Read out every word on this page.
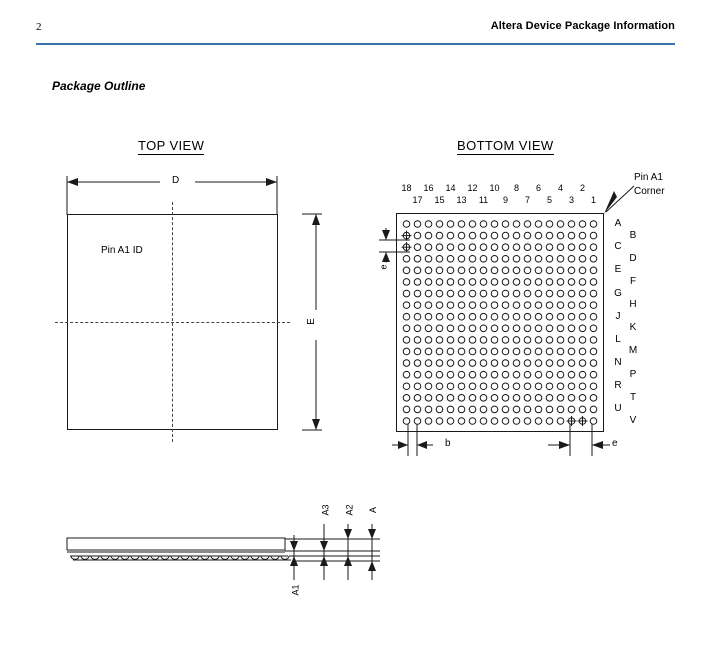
2	Altera Device Package Information
Package Outline
TOP VIEW
D
E
Pin A1 ID
BOTTOM VIEW
18 16 14 12 10	8	6	4	2
17 15 13 11	9	7	5	3	1
A
C
E
G
J
L
N
R
U
B
D
F
H
K
M
P
T
V
Pin A1
Corner
e
b	e
A3 A2 A
A1
